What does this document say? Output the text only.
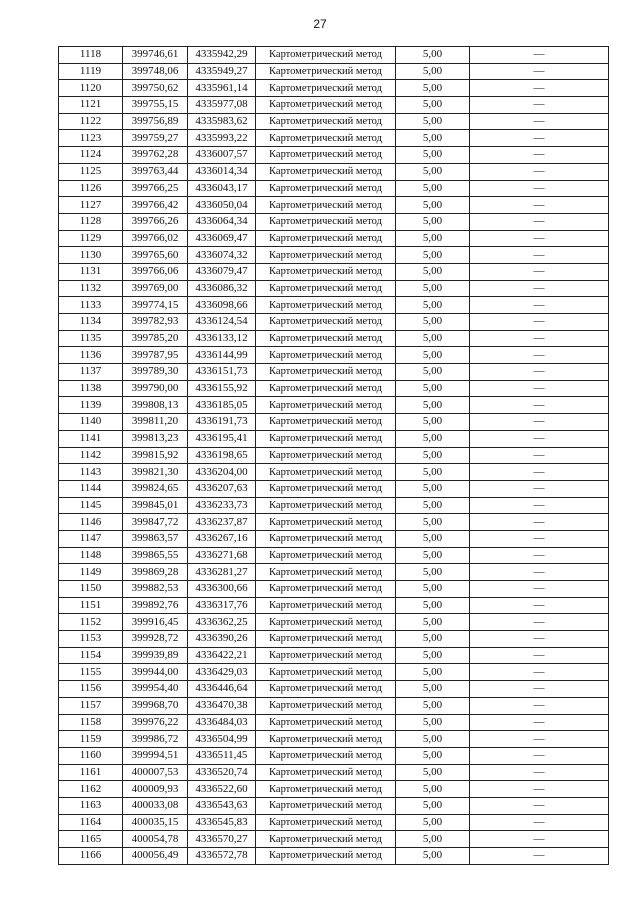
27
1118	399746,61	4335942,29	Картометрический метод	5,00	—
1119	399748,06	4335949,27	Картометрический метод	5,00	—
1120	399750,62	4335961,14	Картометрический метод	5,00	—
1121	399755,15	4335977,08	Картометрический метод	5,00	—
1122	399756,89	4335983,62	Картометрический метод	5,00	—
1123	399759,27	4335993,22	Картометрический метод	5,00	—
1124	399762,28	4336007,57	Картометрический метод	5,00	—
1125	399763,44	4336014,34	Картометрический метод	5,00	—
1126	399766,25	4336043,17	Картометрический метод	5,00	—
1127	399766,42	4336050,04	Картометрический метод	5,00	—
1128	399766,26	4336064,34	Картометрический метод	5,00	—
1129	399766,02	4336069,47	Картометрический метод	5,00	—
1130	399765,60	4336074,32	Картометрический метод	5,00	—
1131	399766,06	4336079,47	Картометрический метод	5,00	—
1132	399769,00	4336086,32	Картометрический метод	5,00	—
1133	399774,15	4336098,66	Картометрический метод	5,00	—
1134	399782,93	4336124,54	Картометрический метод	5,00	—
1135	399785,20	4336133,12	Картометрический метод	5,00	—
1136	399787,95	4336144,99	Картометрический метод	5,00	—
1137	399789,30	4336151,73	Картометрический метод	5,00	—
1138	399790,00	4336155,92	Картометрический метод	5,00	—
1139	399808,13	4336185,05	Картометрический метод	5,00	—
1140	399811,20	4336191,73	Картометрический метод	5,00	—
1141	399813,23	4336195,41	Картометрический метод	5,00	—
1142	399815,92	4336198,65	Картометрический метод	5,00	—
1143	399821,30	4336204,00	Картометрический метод	5,00	—
1144	399824,65	4336207,63	Картометрический метод	5,00	—
1145	399845,01	4336233,73	Картометрический метод	5,00	—
1146	399847,72	4336237,87	Картометрический метод	5,00	—
1147	399863,57	4336267,16	Картометрический метод	5,00	—
1148	399865,55	4336271,68	Картометрический метод	5,00	—
1149	399869,28	4336281,27	Картометрический метод	5,00	—
1150	399882,53	4336300,66	Картометрический метод	5,00	—
1151	399892,76	4336317,76	Картометрический метод	5,00	—
1152	399916,45	4336362,25	Картометрический метод	5,00	—
1153	399928,72	4336390,26	Картометрический метод	5,00	—
1154	399939,89	4336422,21	Картометрический метод	5,00	—
1155	399944,00	4336429,03	Картометрический метод	5,00	—
1156	399954,40	4336446,64	Картометрический метод	5,00	—
1157	399968,70	4336470,38	Картометрический метод	5,00	—
1158	399976,22	4336484,03	Картометрический метод	5,00	—
1159	399986,72	4336504,99	Картометрический метод	5,00	—
1160	399994,51	4336511,45	Картометрический метод	5,00	—
1161	400007,53	4336520,74	Картометрический метод	5,00	—
1162	400009,93	4336522,60	Картометрический метод	5,00	—
1163	400033,08	4336543,63	Картометрический метод	5,00	—
1164	400035,15	4336545,83	Картометрический метод	5,00	—
1165	400054,78	4336570,27	Картометрический метод	5,00	—
1166	400056,49	4336572,78	Картометрический метод	5,00	—
